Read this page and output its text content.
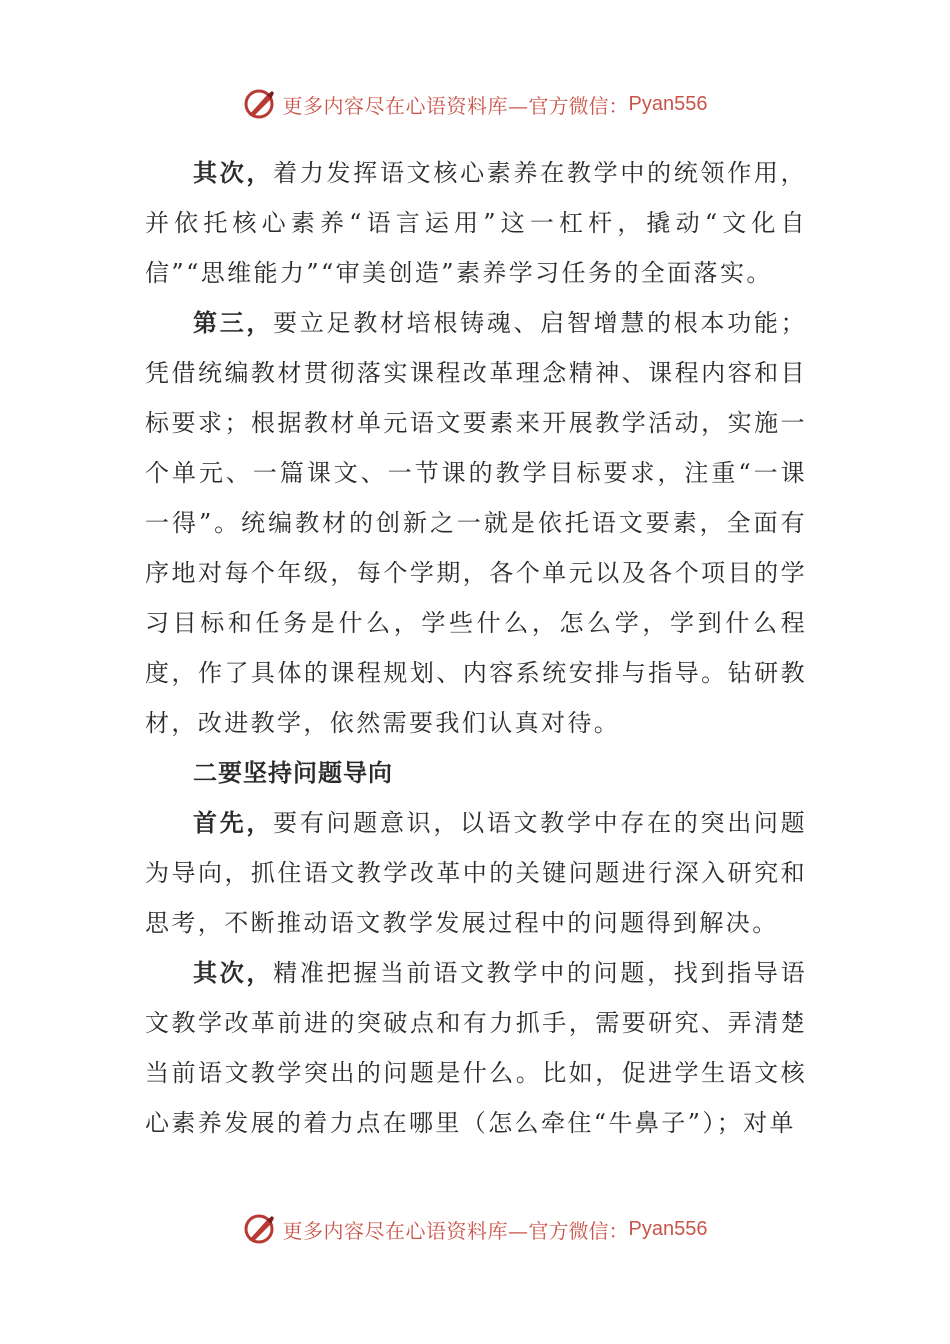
更多内容尽在心语资料库— 官方微信： Pyan556

其次，着力发挥语文核心素养在教学中的统领作用，并依托核心素养“语言运用”这一杠杆，撬动“文化自信”“思维能力”“审美创造”素养学习任务的全面落实。

第三，要立足教材培根铸魂、启智增慧的根本功能；凭借统编教材贯彻落实课程改革理念精神、课程内容和目标要求；根据教材单元语文要素来开展教学活动，实施一个单元、一篇课文、一节课的教学目标要求，注重“一课一得”。统编教材的创新之一就是依托语文要素，全面有序地对每个年级，每个学期，各个单元以及各个项目的学习目标和任务是什么，学些什么，怎么学，学到什么程度，作了具体的课程规划、内容系统安排与指导。钻研教材，改进教学，依然需要我们认真对待。

二要坚持问题导向

首先，要有问题意识，以语文教学中存在的突出问题为导向，抓住语文教学改革中的关键问题进行深入研究和思考，不断推动语文教学发展过程中的问题得到解决。

其次，精准把握当前语文教学中的问题，找到指导语文教学改革前进的突破点和有力抓手，需要研究、弄清楚当前语文教学突出的问题是什么。比如，促进学生语文核心素养发展的着力点在哪里（怎么牵住“牛鼻子”）；对单

更多内容尽在心语资料库— 官方微信： Pyan556
